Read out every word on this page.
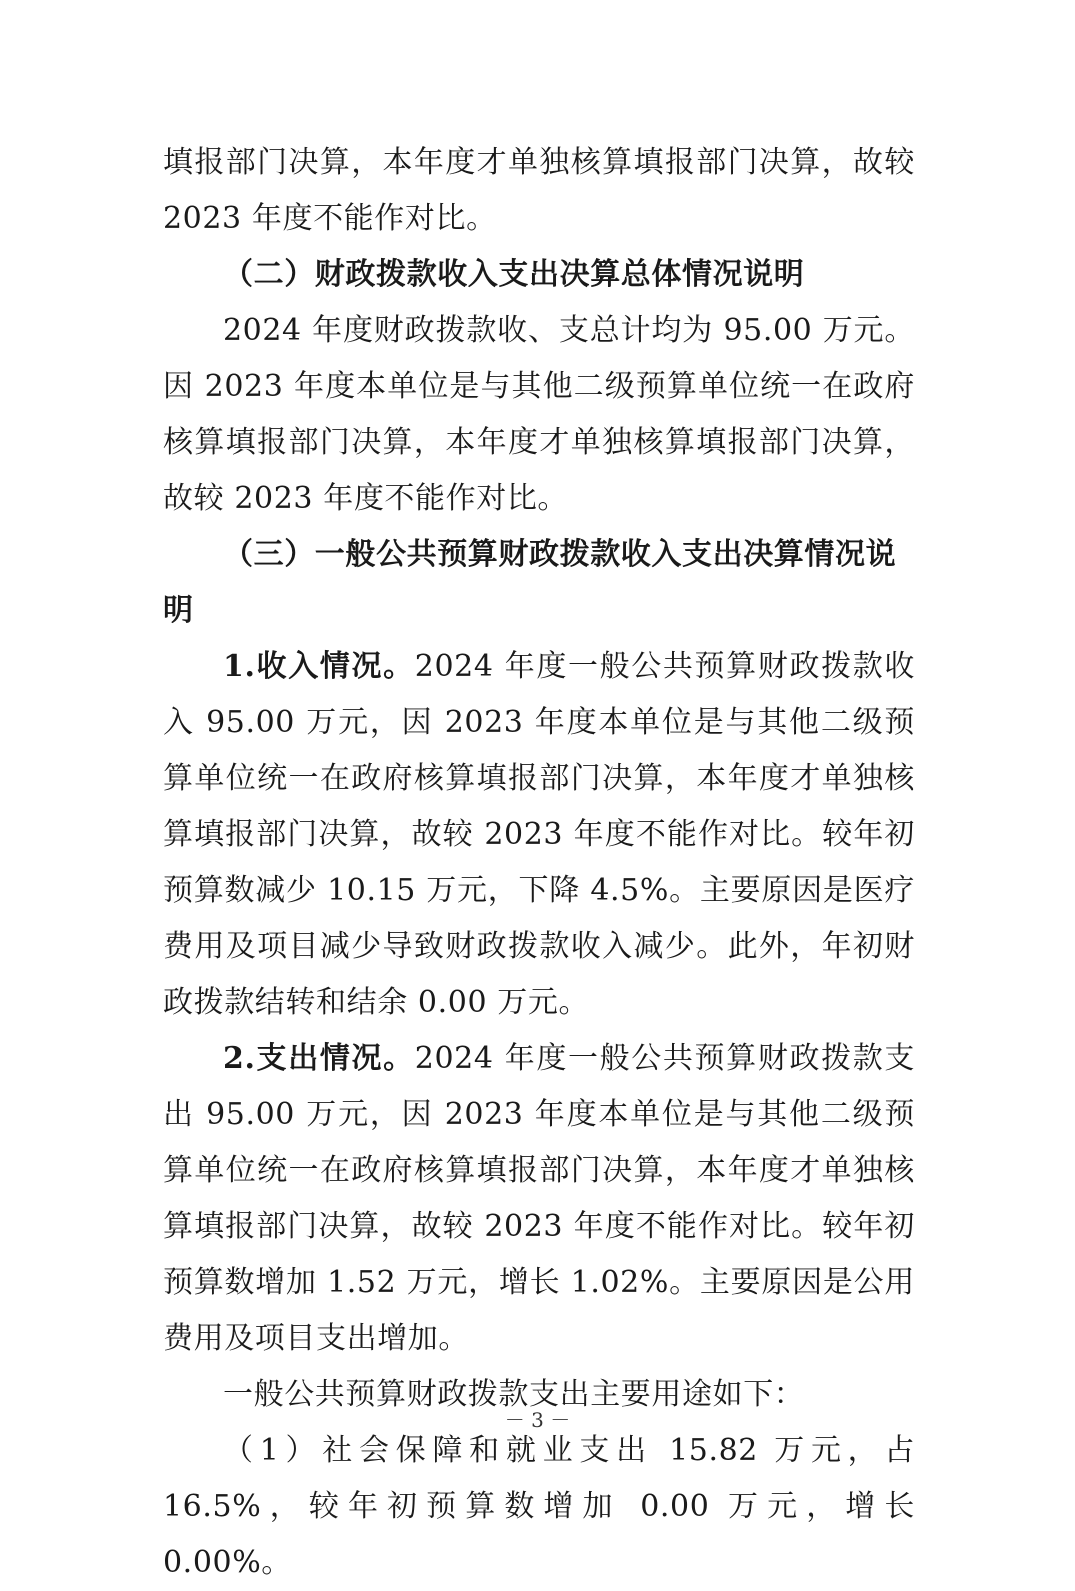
填报部门决算，本年度才单独核算填报部门决算，故较 2023 年度不能作对比。

（二）财政拨款收入支出决算总体情况说明

2024 年度财政拨款收、支总计均为 95.00 万元。因 2023 年度本单位是与其他二级预算单位统一在政府核算填报部门决算，本年度才单独核算填报部门决算，故较 2023 年度不能作对比。

（三）一般公共预算财政拨款收入支出决算情况说明

1.收入情况。2024 年度一般公共预算财政拨款收入 95.00 万元，因 2023 年度本单位是与其他二级预算单位统一在政府核算填报部门决算，本年度才单独核算填报部门决算，故较 2023 年度不能作对比。较年初预算数减少 10.15 万元，下降 4.5%。主要原因是医疗费用及项目减少导致财政拨款收入减少。此外，年初财政拨款结转和结余 0.00 万元。

2.支出情况。2024 年度一般公共预算财政拨款支出 95.00 万元，因 2023 年度本单位是与其他二级预算单位统一在政府核算填报部门决算，本年度才单独核算填报部门决算，故较 2023 年度不能作对比。较年初预算数增加 1.52 万元，增长 1.02%。主要原因是公用费用及项目支出增加。

一般公共预算财政拨款支出主要用途如下：

（1）社会保障和就业支出 15.82 万元，占 16.5%，较年初预算数增加 0.00 万元，增长 0.00%。

－ 3 －
